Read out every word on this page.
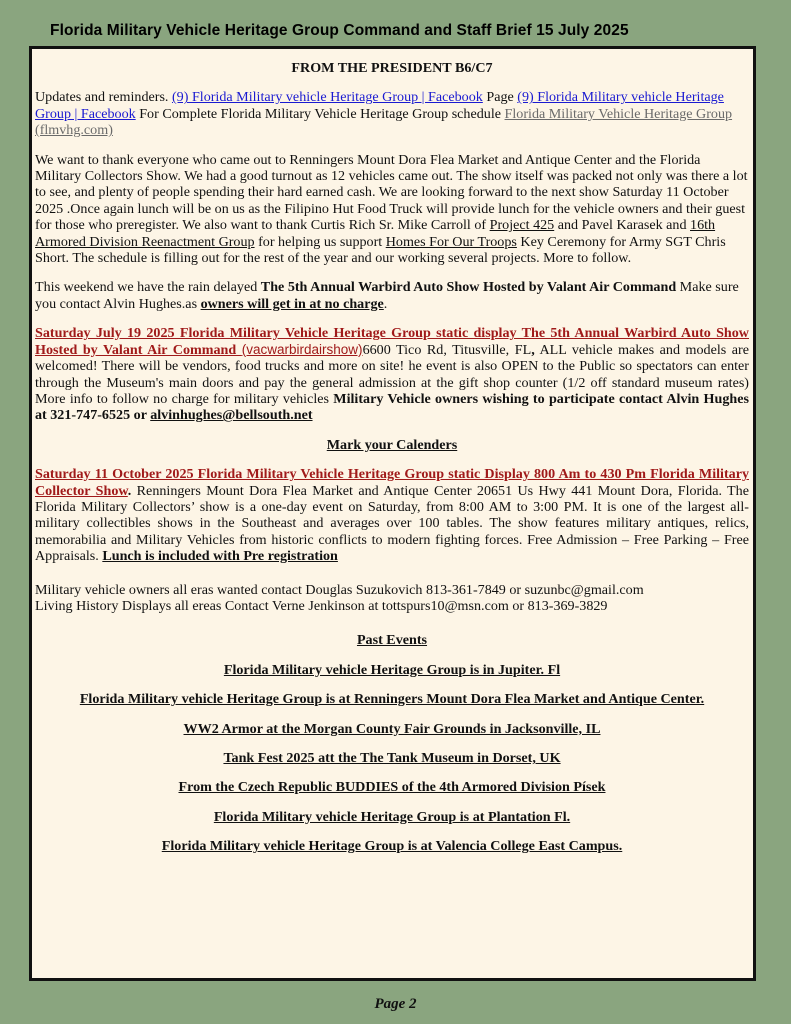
Florida Military Vehicle Heritage Group Command and Staff Brief 15 July 2025

FROM THE PRESIDENT B6/C7

Updates and reminders. (9) Florida Military vehicle Heritage Group | Facebook Page (9) Florida Military vehicle Heritage Group | Facebook For Complete Florida Military Vehicle Heritage Group schedule Florida Military Vehicle Heritage Group (flmvhg.com)

We want to thank everyone who came out to Renningers Mount Dora Flea Market and Antique Center and the Florida Military Collectors Show. We had a good turnout as 12 vehicles came out. The show itself was packed not only was there a lot to see, and plenty of people spending their hard earned cash. We are looking forward to the next show Saturday 11 October 2025 .Once again lunch will be on us as the Filipino Hut Food Truck will provide lunch for the vehicle owners and their guest for those who preregister. We also want to thank Curtis Rich Sr. Mike Carroll of Project 425 and Pavel Karasek and 16th Armored Division Reenactment Group for helping us support Homes For Our Troops Key Ceremony for Army SGT Chris Short. The schedule is filling out for the rest of the year and our working several projects. More to follow.

This weekend we have the rain delayed The 5th Annual Warbird Auto Show Hosted by Valant Air Command Make sure you contact Alvin Hughes.as owners will get in at no charge.

Saturday July 19 2025 Florida Military Vehicle Heritage Group static display The 5th Annual Warbird Auto Show Hosted by Valant Air Command (vacwarbirdairshow)6600 Tico Rd, Titusville, FL, ALL vehicle makes and models are welcomed! There will be vendors, food trucks and more on site! he event is also OPEN to the Public so spectators can enter through the Museum's main doors and pay the general admission at the gift shop counter (1/2 off standard museum rates) More info to follow no charge for military vehicles Military Vehicle owners wishing to participate contact Alvin Hughes at 321-747-6525 or alvinhughes@bellsouth.net

Mark your Calenders

Saturday 11 October 2025 Florida Military Vehicle Heritage Group static Display 800 Am to 430 Pm Florida Military Collector Show. Renningers Mount Dora Flea Market and Antique Center 20651 Us Hwy 441 Mount Dora, Florida. The Florida Military Collectors’ show is a one-day event on Saturday, from 8:00 AM to 3:00 PM. It is one of the largest all-military collectibles shows in the Southeast and averages over 100 tables. The show features military antiques, relics, memorabilia and Military Vehicles from historic conflicts to modern fighting forces. Free Admission – Free Parking – Free Appraisals. Lunch is included with Pre registration

Military vehicle owners all eras wanted contact Douglas Suzukovich 813-361-7849 or suzunbc@gmail.com
Living History Displays all ereas Contact Verne Jenkinson at tottspurs10@msn.com or 813-369-3829

Past Events

Florida Military vehicle Heritage Group is in Jupiter. Fl

Florida Military vehicle Heritage Group is at Renningers Mount Dora Flea Market and Antique Center.

WW2 Armor at the Morgan County Fair Grounds in Jacksonville, IL

Tank Fest 2025 att the The Tank Museum in Dorset, UK

From the Czech Republic BUDDIES of the 4th Armored Division Písek

Florida Military vehicle Heritage Group is at Plantation Fl.

Florida Military vehicle Heritage Group is at Valencia College East Campus.

Page 2
